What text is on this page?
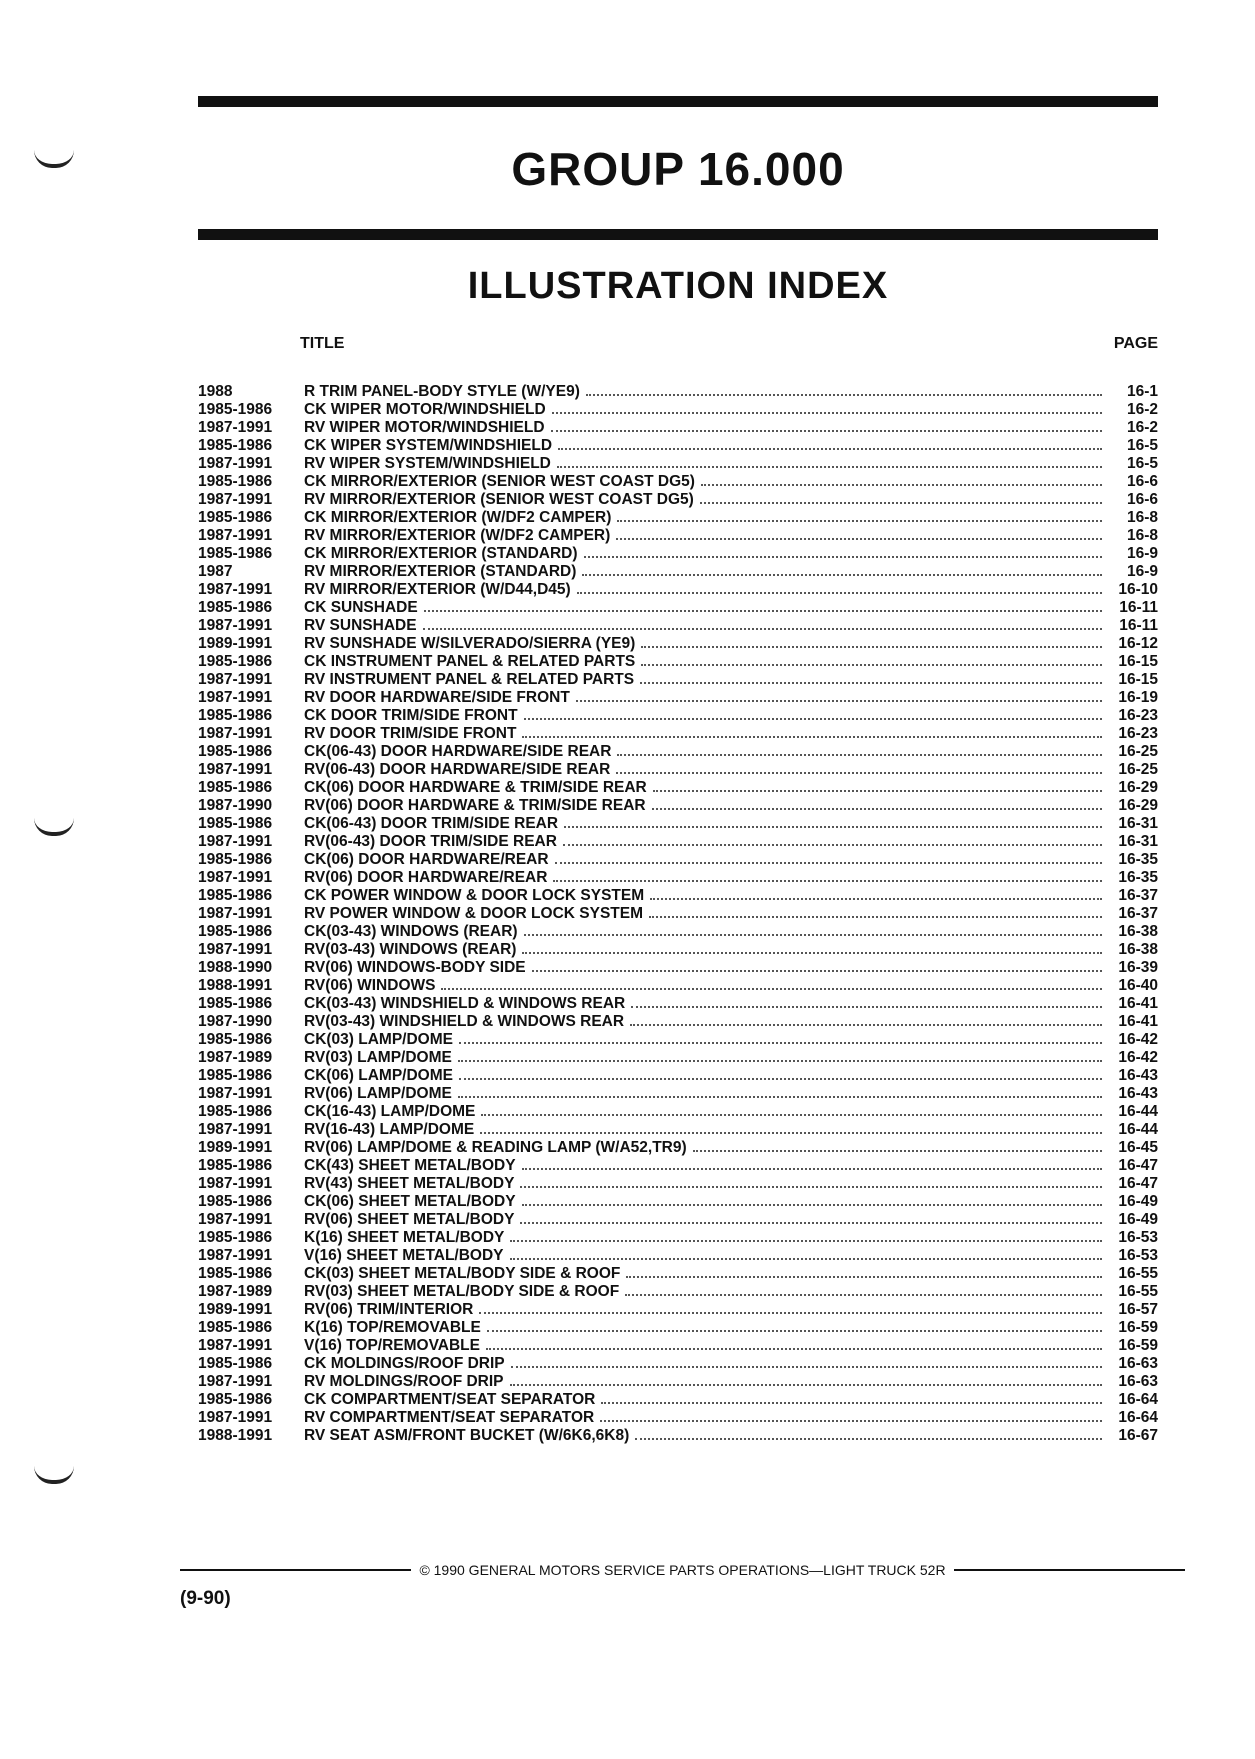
GROUP 16.000
ILLUSTRATION INDEX
TITLE	PAGE
1988	R TRIM PANEL-BODY STYLE (W/YE9)	16-1
1985-1986	CK WIPER MOTOR/WINDSHIELD	16-2
1987-1991	RV WIPER MOTOR/WINDSHIELD	16-2
1985-1986	CK WIPER SYSTEM/WINDSHIELD	16-5
1987-1991	RV WIPER SYSTEM/WINDSHIELD	16-5
1985-1986	CK MIRROR/EXTERIOR (SENIOR WEST COAST DG5)	16-6
1987-1991	RV MIRROR/EXTERIOR (SENIOR WEST COAST DG5)	16-6
1985-1986	CK MIRROR/EXTERIOR (W/DF2 CAMPER)	16-8
1987-1991	RV MIRROR/EXTERIOR (W/DF2 CAMPER)	16-8
1985-1986	CK MIRROR/EXTERIOR (STANDARD)	16-9
1987	RV MIRROR/EXTERIOR (STANDARD)	16-9
1987-1991	RV MIRROR/EXTERIOR (W/D44,D45)	16-10
1985-1986	CK SUNSHADE	16-11
1987-1991	RV SUNSHADE	16-11
1989-1991	RV SUNSHADE W/SILVERADO/SIERRA (YE9)	16-12
1985-1986	CK INSTRUMENT PANEL & RELATED PARTS	16-15
1987-1991	RV INSTRUMENT PANEL & RELATED PARTS	16-15
1987-1991	RV DOOR HARDWARE/SIDE FRONT	16-19
1985-1986	CK DOOR TRIM/SIDE FRONT	16-23
1987-1991	RV DOOR TRIM/SIDE FRONT	16-23
1985-1986	CK(06-43) DOOR HARDWARE/SIDE REAR	16-25
1987-1991	RV(06-43) DOOR HARDWARE/SIDE REAR	16-25
1985-1986	CK(06) DOOR HARDWARE & TRIM/SIDE REAR	16-29
1987-1990	RV(06) DOOR HARDWARE & TRIM/SIDE REAR	16-29
1985-1986	CK(06-43) DOOR TRIM/SIDE REAR	16-31
1987-1991	RV(06-43) DOOR TRIM/SIDE REAR	16-31
1985-1986	CK(06) DOOR HARDWARE/REAR	16-35
1987-1991	RV(06) DOOR HARDWARE/REAR	16-35
1985-1986	CK POWER WINDOW & DOOR LOCK SYSTEM	16-37
1987-1991	RV POWER WINDOW & DOOR LOCK SYSTEM	16-37
1985-1986	CK(03-43) WINDOWS (REAR)	16-38
1987-1991	RV(03-43) WINDOWS (REAR)	16-38
1988-1990	RV(06) WINDOWS-BODY SIDE	16-39
1988-1991	RV(06) WINDOWS	16-40
1985-1986	CK(03-43) WINDSHIELD & WINDOWS REAR	16-41
1987-1990	RV(03-43) WINDSHIELD & WINDOWS REAR	16-41
1985-1986	CK(03) LAMP/DOME	16-42
1987-1989	RV(03) LAMP/DOME	16-42
1985-1986	CK(06) LAMP/DOME	16-43
1987-1991	RV(06) LAMP/DOME	16-43
1985-1986	CK(16-43) LAMP/DOME	16-44
1987-1991	RV(16-43) LAMP/DOME	16-44
1989-1991	RV(06) LAMP/DOME & READING LAMP (W/A52,TR9)	16-45
1985-1986	CK(43) SHEET METAL/BODY	16-47
1987-1991	RV(43) SHEET METAL/BODY	16-47
1985-1986	CK(06) SHEET METAL/BODY	16-49
1987-1991	RV(06) SHEET METAL/BODY	16-49
1985-1986	K(16) SHEET METAL/BODY	16-53
1987-1991	V(16) SHEET METAL/BODY	16-53
1985-1986	CK(03) SHEET METAL/BODY SIDE & ROOF	16-55
1987-1989	RV(03) SHEET METAL/BODY SIDE & ROOF	16-55
1989-1991	RV(06) TRIM/INTERIOR	16-57
1985-1986	K(16) TOP/REMOVABLE	16-59
1987-1991	V(16) TOP/REMOVABLE	16-59
1985-1986	CK MOLDINGS/ROOF DRIP	16-63
1987-1991	RV MOLDINGS/ROOF DRIP	16-63
1985-1986	CK COMPARTMENT/SEAT SEPARATOR	16-64
1987-1991	RV COMPARTMENT/SEAT SEPARATOR	16-64
1988-1991	RV SEAT ASM/FRONT BUCKET (W/6K6,6K8)	16-67
© 1990 GENERAL MOTORS SERVICE PARTS OPERATIONS—LIGHT TRUCK 52R
(9-90)
